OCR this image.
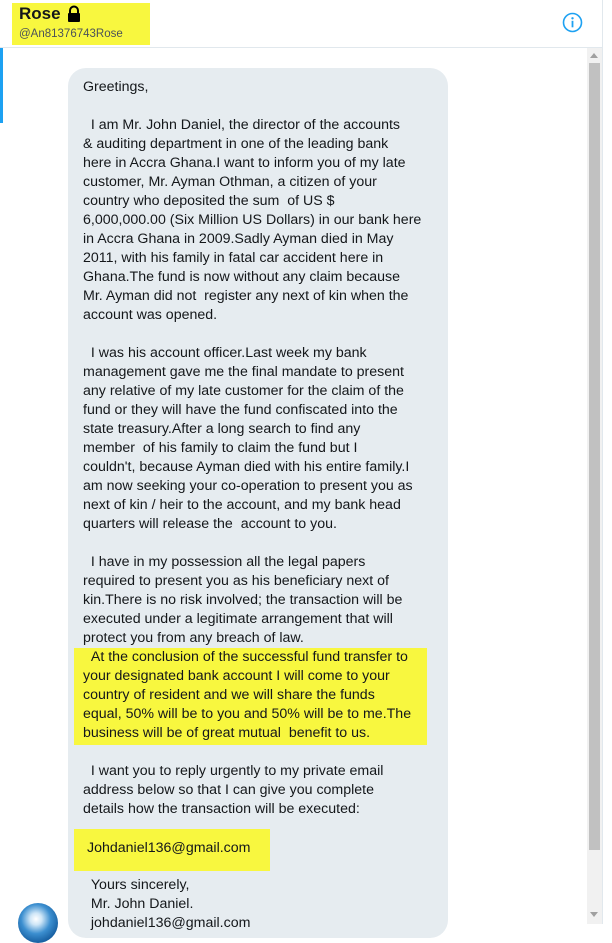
Rose
@An81376743Rose
Greetings,

I am Mr. John Daniel, the director of the accounts
& auditing department in one of the leading bank
here in Accra Ghana.I want to inform you of my late
customer, Mr. Ayman Othman, a citizen of your
country who deposited the sum  of US $
6,000,000.00 (Six Million US Dollars) in our bank here
in Accra Ghana in 2009.Sadly Ayman died in May
2011, with his family in fatal car accident here in
Ghana.The fund is now without any claim because
Mr. Ayman did not  register any next of kin when the
account was opened.

I was his account officer.Last week my bank
management gave me the final mandate to present
any relative of my late customer for the claim of the
fund or they will have the fund confiscated into the
state treasury.After a long search to find any
member  of his family to claim the fund but I
couldn't, because Ayman died with his entire family.I
am now seeking your co-operation to present you as
next of kin / heir to the account, and my bank head
quarters will release the  account to you.

I have in my possession all the legal papers
required to present you as his beneficiary next of
kin.There is no risk involved; the transaction will be
executed under a legitimate arrangement that will
protect you from any breach of law.
At the conclusion of the successful fund transfer to
your designated bank account I will come to your
country of resident and we will share the funds
equal, 50% will be to you and 50% will be to me.The
business will be of great mutual  benefit to us.

I want you to reply urgently to my private email
address below so that I can give you complete
details how the transaction will be executed:

Yours sincerely,
Mr. John Daniel.
johdaniel136@gmail.com
Johdaniel136@gmail.com
